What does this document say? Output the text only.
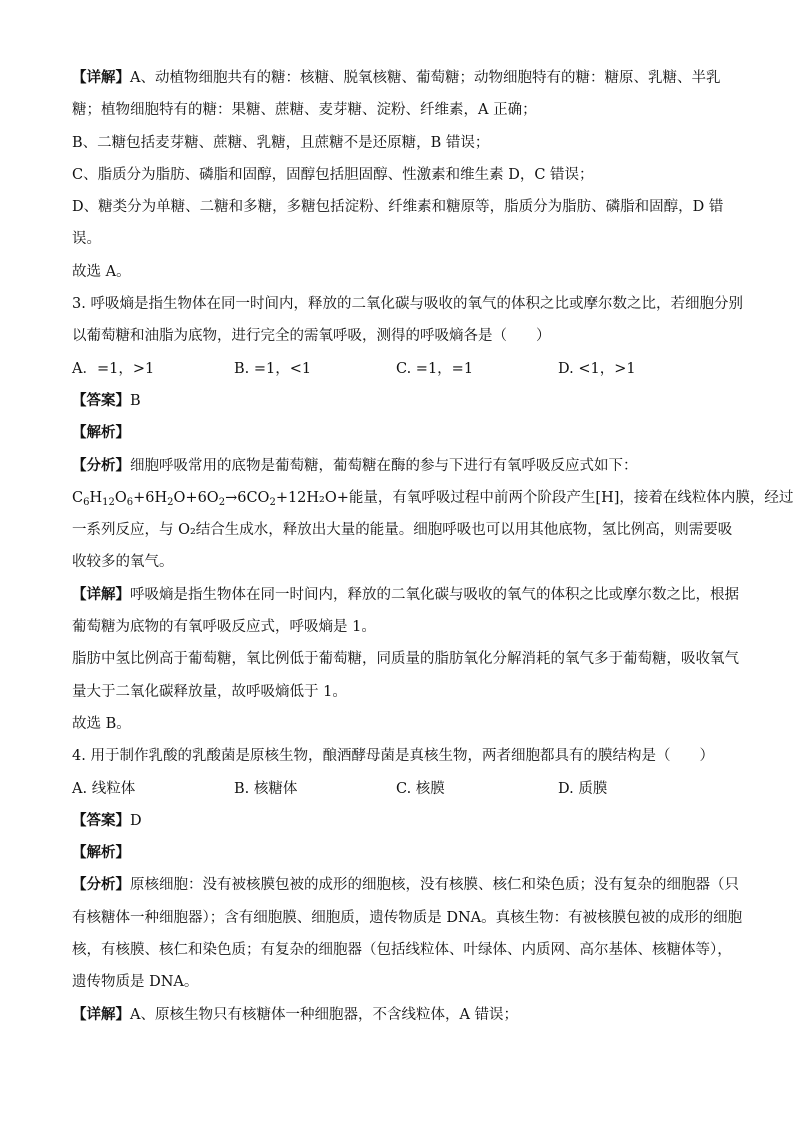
【详解】A、动植物细胞共有的糖：核糖、脱氧核糖、葡萄糖；动物细胞特有的糖：糖原、乳糖、半乳
糖；植物细胞特有的糖：果糖、蔗糖、麦芽糖、淀粉、纤维素，A 正确；
B、二糖包括麦芽糖、蔗糖、乳糖，且蔗糖不是还原糖，B 错误；
C、脂质分为脂肪、磷脂和固醇，固醇包括胆固醇、性激素和维生素 D，C 错误；
D、糖类分为单糖、二糖和多糖，多糖包括淀粉、纤维素和糖原等，脂质分为脂肪、磷脂和固醇，D 错
误。
故选 A。
3. 呼吸熵是指生物体在同一时间内，释放的二氧化碳与吸收的氧气的体积之比或摩尔数之比，若细胞分别
以葡萄糖和油脂为底物，进行完全的需氧呼吸，测得的呼吸熵各是（　　）
A．=1，>1	B. =1，<1	C. =1，=1	D. <1，>1
【答案】B
【解析】
【分析】细胞呼吸常用的底物是葡萄糖，葡萄糖在酶的参与下进行有氧呼吸反应式如下：
$C_6H_{12}O_6+6H_2O+6O_2\to 6CO_2+12H_2O+$能量，有氧呼吸过程中前两个阶段产生[H]，接着在线粒体内膜，经过
一系列反应，与 O₂结合生成水，释放出大量的能量。细胞呼吸也可以用其他底物，氢比例高，则需要吸
收较多的氧气。
【详解】呼吸熵是指生物体在同一时间内，释放的二氧化碳与吸收的氧气的体积之比或摩尔数之比，根据
葡萄糖为底物的有氧呼吸反应式，呼吸熵是 1。
脂肪中氢比例高于葡萄糖，氧比例低于葡萄糖，同质量的脂肪氧化分解消耗的氧气多于葡萄糖，吸收氧气
量大于二氧化碳释放量，故呼吸熵低于 1。
故选 B。
4. 用于制作乳酸的乳酸菌是原核生物，酿酒酵母菌是真核生物，两者细胞都具有的膜结构是（　　）
A. 线粒体	B. 核糖体	C. 核膜	D. 质膜
【答案】D
【解析】
【分析】原核细胞：没有被核膜包被的成形的细胞核，没有核膜、核仁和染色质；没有复杂的细胞器（只
有核糖体一种细胞器）；含有细胞膜、细胞质，遗传物质是 DNA。真核生物：有被核膜包被的成形的细胞
核，有核膜、核仁和染色质；有复杂的细胞器（包括线粒体、叶绿体、内质网、高尔基体、核糖体等），
遗传物质是 DNA。
【详解】A、原核生物只有核糖体一种细胞器，不含线粒体，A 错误；
